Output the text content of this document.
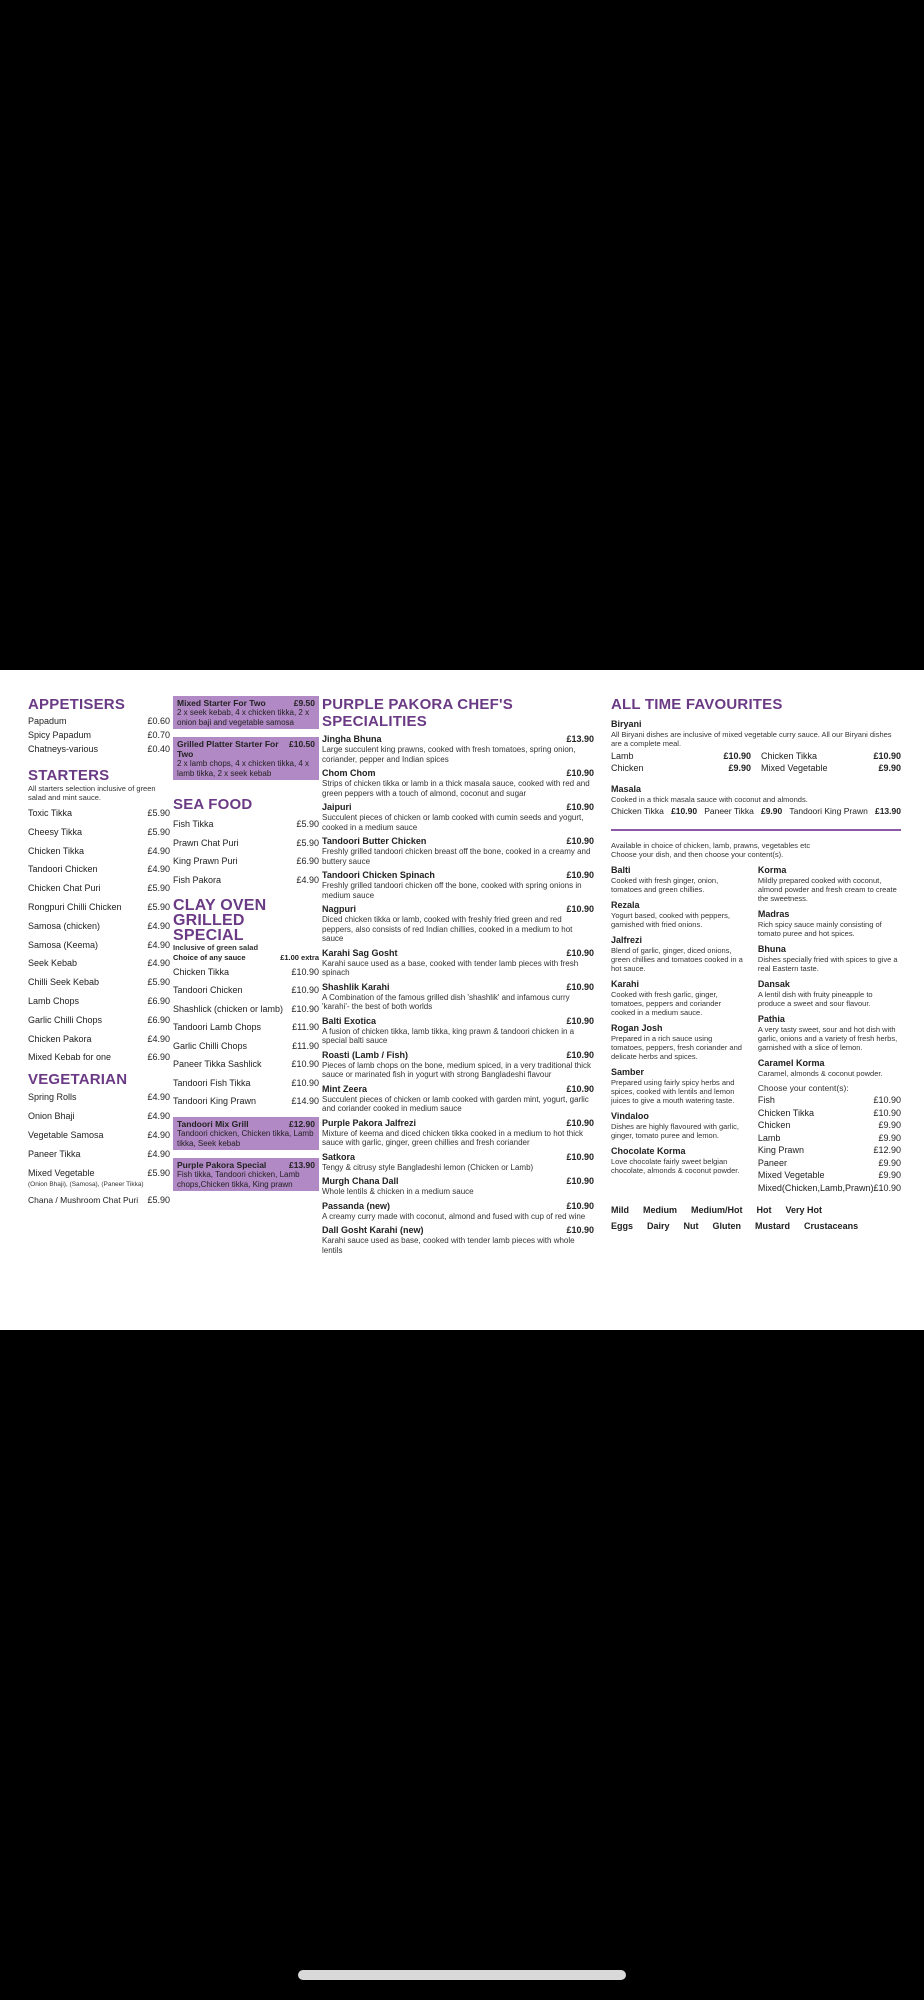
APPETISERS
Papadum	£0.60
Spicy Papadum	£0.70
Chatneys-various	£0.40
STARTERS
All starters selection inclusive of green salad and mint sauce.
Toxic Tikka	£5.90
Cheesy Tikka	£5.90
Chicken Tikka	£4.90
Tandoori Chicken	£4.90
Chicken Chat Puri	£5.90
Rongpuri Chilli Chicken	£5.90
Samosa (chicken)	£4.90
Samosa (Keema)	£4.90
Seek Kebab	£4.90
Chilli Seek Kebab	£5.90
Lamb Chops	£6.90
Garlic Chilli Chops	£6.90
Chicken Pakora	£4.90
Mixed Kebab for one	£6.90
VEGETARIAN
Spring Rolls	£4.90
Onion Bhaji	£4.90
Vegetable Samosa	£4.90
Paneer Tikka	£4.90
Mixed Vegetable	£5.90
(Onion Bhaji), (Samosa), (Paneer Tikka)
Chana / Mushroom Chat Puri £5.90
Mixed Starter For Two	£9.50
2 x seek kebab, 4 x chicken tikka, 2 x onion baji and vegetable samosa
Grilled Platter Starter For Two
£10.50
2 x lamb chops, 4 x chicken tikka, 4 x lamb tikka, 2 x seek kebab
SEA FOOD
Fish Tikka	£5.90
Prawn Chat Puri	£5.90
King Prawn Puri	£6.90
Fish Pakora	£4.90
CLAY OVEN
GRILLED SPECIAL
Inclusive of green salad
Choice of any sauce	£1.00 extra
Chicken Tikka	£10.90
Tandoori Chicken	£10.90
Shashlick (chicken or lamb) £10.90
Tandoori Lamb Chops	£11.90
Garlic Chilli Chops	£11.90
Paneer Tikka Sashlick	£10.90
Tandoori Fish Tikka	£10.90
Tandoori King Prawn	£14.90
Tandoori Mix Grill	£12.90
Tandoori chicken, Chicken tikka, Lamb tikka, Seek kebab
Purple Pakora Special	£13.90
Fish tikka, Tandoori chicken, Lamb chops,Chicken tikka, King prawn
PURPLE PAKORA CHEF'S SPECIALITIES
Jingha Bhuna	£13.90
Large succulent king prawns, cooked with fresh tomatoes, spring onion, coriander, pepper and Indian spices
Chom Chom	£10.90
Strips of chicken tikka or lamb in a thick masala sauce, cooked with red and green peppers with a touch of almond, coconut and sugar
Jaipuri	£10.90
Succulent pieces of chicken or lamb cooked with cumin seeds and yogurt, cooked in a medium sauce
Tandoori Butter Chicken	£10.90
Freshly grilled tandoori chicken breast off the bone, cooked in a creamy and buttery sauce
Tandoori Chicken Spinach	£10.90
Freshly grilled tandoori chicken off the bone, cooked with spring onions in medium sauce
Nagpuri	£10.90
Diced chicken tikka or lamb, cooked with freshly fried green and red peppers, also consists of red Indian chillies, cooked in a medium to hot sauce
Karahi Sag Gosht	£10.90
Karahi sauce used as a base, cooked with tender lamb pieces with fresh spinach
Shashlik Karahi	£10.90
A Combination of the famous grilled dish 'shashlik' and infamous curry 'karahi'- the best of both worlds
Balti Exotica	£10.90
A fusion of chicken tikka, lamb tikka, king prawn & tandoori chicken in a special balti sauce
Roasti (Lamb / Fish)	£10.90
Pieces of lamb chops on the bone, medium spiced, in a very traditional thick sauce or marinated fish in yogurt with strong Bangladeshi flavour
Mint Zeera	£10.90
Succulent pieces of chicken or lamb cooked with garden mint, yogurt, garlic and coriander cooked in medium sauce
Purple Pakora Jalfrezi	£10.90
Mixture of keema and diced chicken tikka cooked in a medium to hot thick sauce with garlic, ginger, green chillies and fresh coriander
Satkora	£10.90
Tengy & citrusy style Bangladeshi lemon (Chicken or Lamb)
Murgh Chana Dall	£10.90
Whole lentils & chicken in a medium sauce
Passanda (new)	£10.90
A creamy curry made with coconut, almond and fused with cup of red wine
Dall Gosht Karahi (new)	£10.90
Karahi sauce used as base, cooked with tender lamb pieces with whole lentils
ALL TIME FAVOURITES
Biryani
All Biryani dishes are inclusive of mixed vegetable curry sauce. All our Biryani dishes are a complete meal.
Lamb	£10.90 Chicken Tikka	£10.90
Chicken	£9.90 Mixed Vegetable	£9.90
Masala
Cooked in a thick masala sauce with coconut and almonds.
Chicken Tikka £10.90 Paneer Tikka £9.90 Tandoori King Prawn £13.90
Available in choice of chicken, lamb, prawns, vegetables etc
Choose your dish, and then choose your content(s).
Balti
Cooked with fresh ginger, onion, tomatoes and green chillies.
Rezala
Yogurt based, cooked with peppers, garnished with fried onions.
Jalfrezi
Blend of garlic, ginger, diced onions, green chillies and tomatoes cooked in a hot sauce.
Karahi
Cooked with fresh garlic, ginger, tomatoes, peppers and coriander cooked in a medium sauce.
Rogan Josh
Prepared in a rich sauce using tomatoes, peppers, fresh coriander and delicate herbs and spices.
Samber
Prepared using fairly spicy herbs and spices, cooked with lentils and lemon juices to give a mouth watering taste.
Vindaloo
Dishes are highly flavoured with garlic, ginger, tomato puree and lemon.
Chocolate Korma
Love chocolate fairly sweet belgian chocolate, almonds & coconut powder.
Korma
Mildly prepared cooked with coconut, almond powder and fresh cream to create the sweetness.
Madras
Rich spicy sauce mainly consisting of tomato puree and hot spices.
Bhuna
Dishes specially fried with spices to give a real Eastern taste.
Dansak
A lentil dish with fruity pineapple to produce a sweet and sour flavour.
Pathia
A very tasty sweet, sour and hot dish with garlic, onions and a variety of fresh herbs, garnished with a slice of lemon.
Caramel Korma
Caramel, almonds & coconut powder.
Choose your content(s):
Fish	£10.90
Chicken Tikka	£10.90
Chicken	£9.90
Lamb	£9.90
King Prawn	£12.90
Paneer	£9.90
Mixed Vegetable	£9.90
Mixed(Chicken,Lamb,Prawn) £10.90
Mild Medium Medium/Hot Hot Very Hot
Eggs Dairy Nut Gluten Mustard Crustaceans
